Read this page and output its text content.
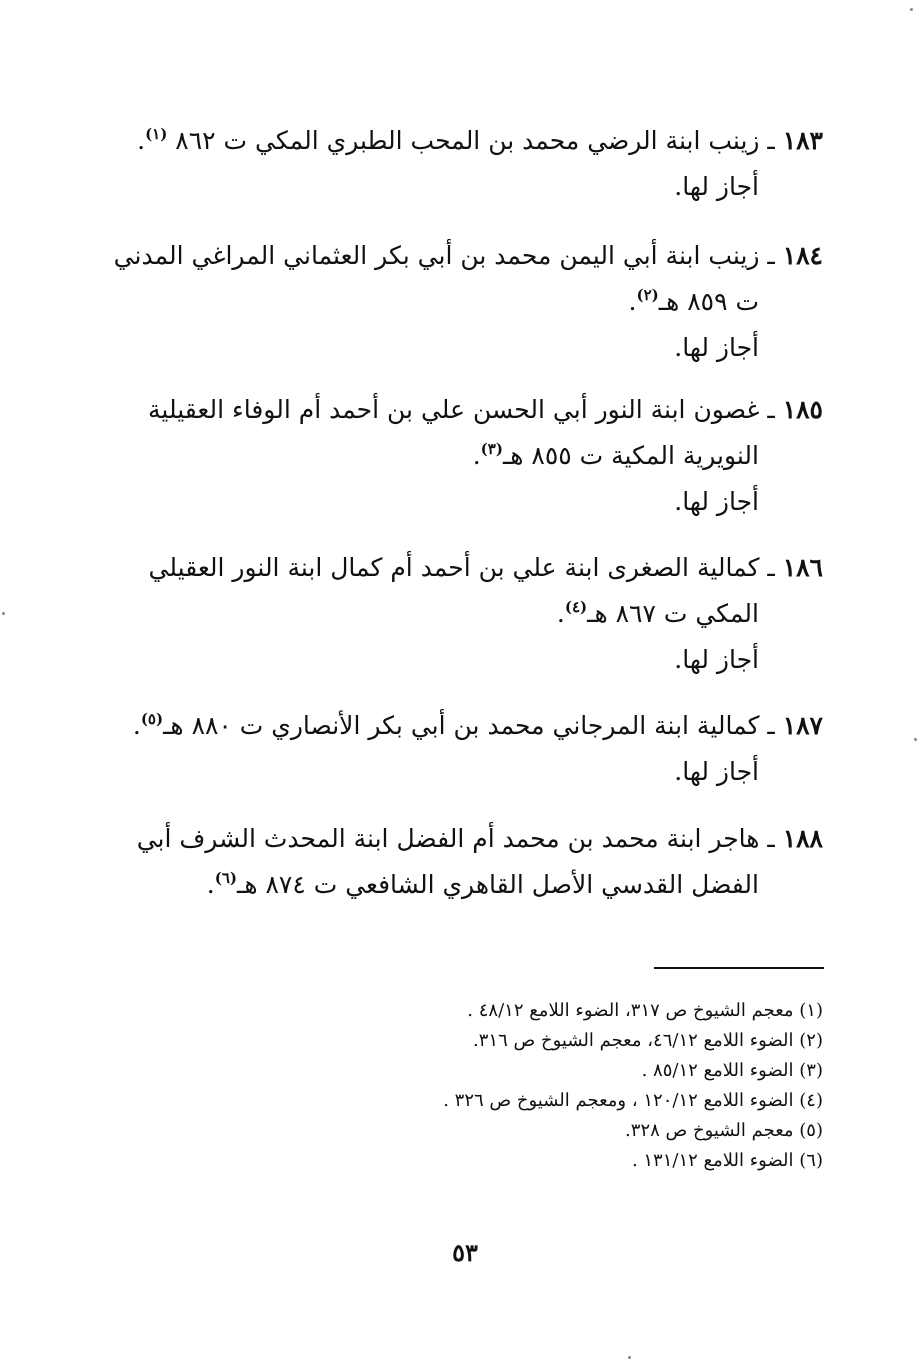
١٨٣ ـ زينب ابنة الرضي محمد بن المحب الطبري المكي ت ٨٦٢ $^{(١)}$.
أجاز لها.
١٨٤ ـ زينب ابنة أبي اليمن محمد بن أبي بكر العثماني المراغي المدني
ت ٨٥٩ هـ$^{(٢)}$.
أجاز لها.
١٨٥ ـ غصون ابنة النور أبي الحسن علي بن أحمد أم الوفاء العقيلية
النويرية المكية ت ٨٥٥ هـ$^{(٣)}$.
أجاز لها.
١٨٦ ـ كمالية الصغرى ابنة علي بن أحمد أم كمال ابنة النور العقيلي
المكي ت ٨٦٧ هـ$^{(٤)}$.
أجاز لها.
١٨٧ ـ كمالية ابنة المرجاني محمد بن أبي بكر الأنصاري ت ٨٨٠ هـ$^{(٥)}$.
أجاز لها.
١٨٨ ـ هاجر ابنة محمد بن محمد أم الفضل ابنة المحدث الشرف أبي
الفضل القدسي الأصل القاهري الشافعي ت ٨٧٤ هـ$^{(٦)}$.
(١) معجم الشيوخ ص ٣١٧، الضوء اللامع ٤٨/١٢ .
(٢) الضوء اللامع ٤٦/١٢، معجم الشيوخ ص ٣١٦.
(٣) الضوء اللامع ٨٥/١٢ .
(٤) الضوء اللامع ١٢٠/١٢ ، ومعجم الشيوخ ص ٣٢٦ .
(٥) معجم الشيوخ ص ٣٢٨.
(٦) الضوء اللامع ١٣١/١٢ .
٥٣
